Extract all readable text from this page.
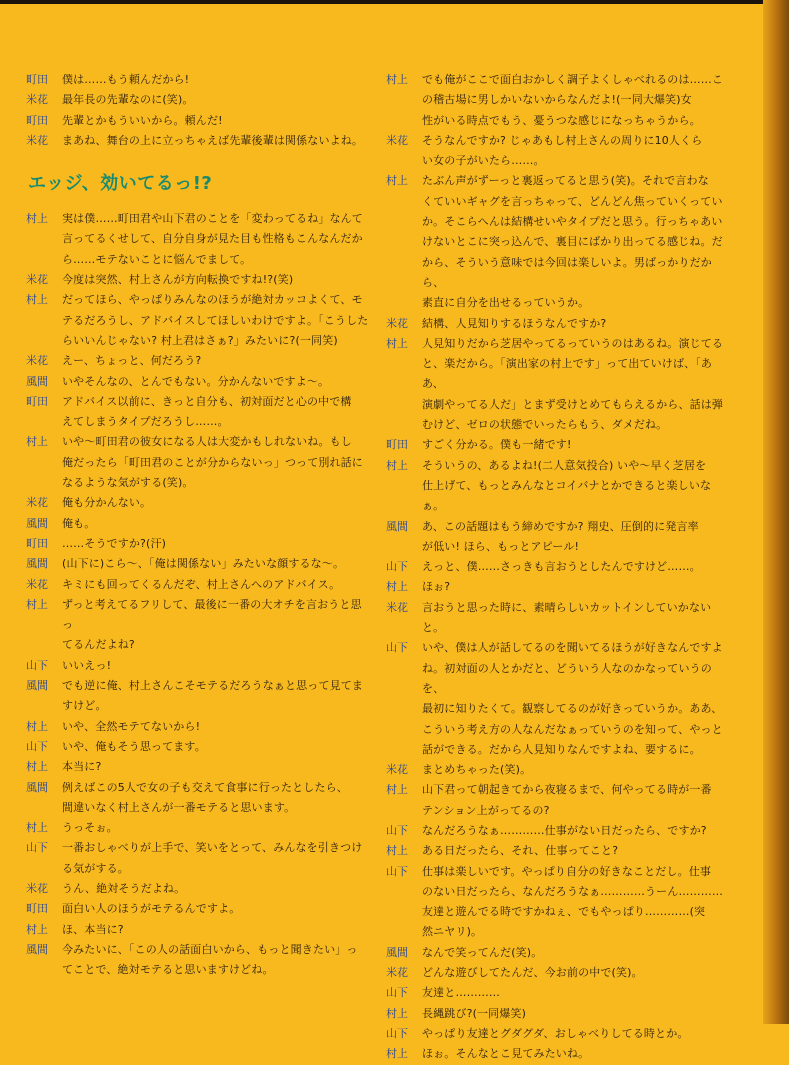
町田	僕は……もう頼んだから!
米花	最年長の先輩なのに(笑)。
町田	先輩とかもういいから。頼んだ!
米花	まあね、舞台の上に立っちゃえば先輩後輩は関係ないよね。
エッジ、効いてるっ!?
村上	実は僕……町田君や山下君のことを「変わってるね」なんて
言ってるくせして、自分自身が見た目も性格もこんなんだか
ら……モテないことに悩んでまして。
米花	今度は突然、村上さんが方向転換ですね!?(笑)
村上	だってほら、やっぱりみんなのほうが絶対カッコよくて、モ
テるだろうし、アドバイスしてほしいわけですよ。「こうした
らいいんじゃない? 村上君はさぁ?」みたいに?(一同笑)
米花	えー、ちょっと、何だろう?
風間	いやそんなの、とんでもない。分かんないですよ～。
町田	アドバイス以前に、きっと自分も、初対面だと心の中で構
えてしまうタイプだろうし……。
村上	いや～町田君の彼女になる人は大変かもしれないね。もし
俺だったら「町田君のことが分からないっ」つって別れ話に
なるような気がする(笑)。
米花	俺も分かんない。
風間	俺も。
町田	……そうですか?(汗)
風間	(山下に)こら～、「俺は関係ない」みたいな顔するな～。
米花	キミにも回ってくるんだぞ、村上さんへのアドバイス。
村上	ずっと考えてるフリして、最後に一番の大オチを言おうと思っ
てるんだよね?
山下	いいえっ!
風間	でも逆に俺、村上さんこそモテるだろうなぁと思って見てま
すけど。
村上	いや、全然モテてないから!
山下	いや、俺もそう思ってます。
村上	本当に?
風間	例えばこの5人で女の子も交えて食事に行ったとしたら、
間違いなく村上さんが一番モテると思います。
村上	うっそぉ。
山下	一番おしゃべりが上手で、笑いをとって、みんなを引きつけ
る気がする。
米花	うん、絶対そうだよね。
町田	面白い人のほうがモテるんですよ。
村上	ほ、本当に?
風間	今みたいに、「この人の話面白いから、もっと聞きたい」っ
てことで、絶対モテると思いますけどね。
村上	でも俺がここで面白おかしく調子よくしゃべれるのは……こ
の稽古場に男しかいないからなんだよ!(一同大爆笑)女
性がいる時点でもう、憂うつな感じになっちゃうから。
米花	そうなんですか? じゃあもし村上さんの周りに10人くら
い女の子がいたら……。
村上	たぶん声がずーっと裏返ってると思う(笑)。それで言わな
くていいギャグを言っちゃって、どんどん焦っていくってい
か。そこらへんは結構せいやタイプだと思う。行っちゃあい
けないとこに突っ込んで、裏目にばかり出ってる感じね。だ
から、そういう意味では今回は楽しいよ。男ばっかりだから、
素直に自分を出せるっていうか。
米花	結構、人見知りするほうなんですか?
村上	人見知りだから芝居やってるっていうのはあるね。演じてる
と、楽だから。「演出家の村上です」って出ていけば、「ああ、
演劇やってる人だ」とまず受けとめてもらえるから、話は弾
むけど、ゼロの状態でいったらもう、ダメだね。
町田	すごく分かる。僕も一緒です!
村上	そういうの、あるよね!(二人意気投合) いや～早く芝居を
仕上げて、もっとみんなとコイバナとかできると楽しいなぁ。
風間	あ、この話題はもう締めですか? 翔史、圧倒的に発言率
が低い! ほら、もっとアピール!
山下	えっと、僕……さっきも言おうとしたんですけど……。
村上	ほぉ?
米花	言おうと思った時に、素晴らしいカットインしていかないと。
山下	いや、僕は人が話してるのを聞いてるほうが好きなんですよ
ね。初対面の人とかだと、どういう人なのかなっていうのを、
最初に知りたくて。観察してるのが好きっていうか。ああ、
こういう考え方の人なんだなぁっていうのを知って、やっと
話ができる。だから人見知りなんですよね、要するに。
米花	まとめちゃった(笑)。
村上	山下君って朝起きてから夜寝るまで、何やってる時が一番
テンション上がってるの?
山下	なんだろうなぁ…………仕事がない日だったら、ですか?
村上	ある日だったら、それ、仕事ってこと?
山下	仕事は楽しいです。やっぱり自分の好きなことだし。仕事
のない日だったら、なんだろうなぁ…………うーん…………
友達と遊んでる時ですかねぇ、でもやっぱり…………(突
然ニヤリ)。
風間	なんで笑ってんだ(笑)。
米花	どんな遊びしてたんだ、今お前の中で(笑)。
山下	友達と…………
村上	長縄跳び?(一同爆笑)
山下	やっぱり友達とグダグダ、おしゃべりしてる時とか。
村上	ほぉ。そんなとこ見てみたいね。
